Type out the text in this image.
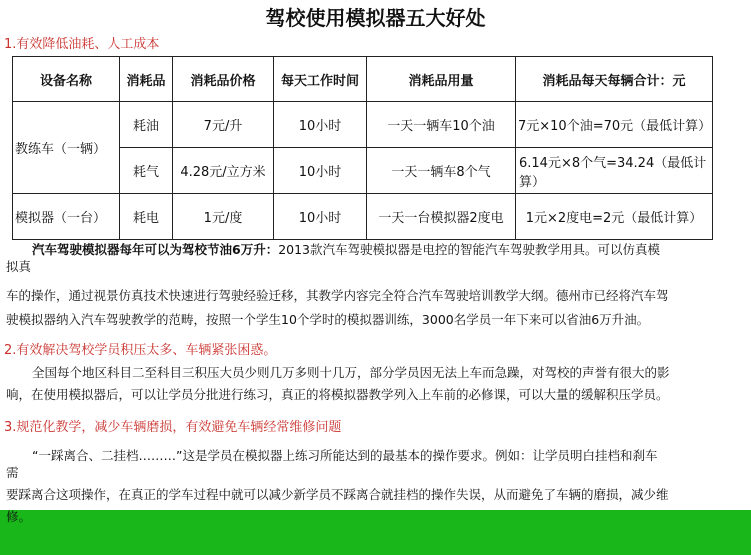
驾校使用模拟器五大好处
1.有效降低油耗、人工成本
设备名称	消耗品	消耗品价格	每天工作时间	消耗品用量	消耗品每天每辆合计：元
教练车（一辆）	耗油	7元/升	10小时	一天一辆车10个油	7元×10个油=70元（最低计算）
	耗气	4.28元/立方米	10小时	一天一辆车8个气	6.14元×8个气=34.24（最低计算）
模拟器（一台）	耗电	1元/度	10小时	一天一台模拟器2度电	1元×2度电=2元（最低计算）
汽车驾驶模拟器每年可以为驾校节油6万升：2013款汽车驾驶模拟器是电控的智能汽车驾驶教学用具。可以仿真模
拟真
车的操作，通过视景仿真技术快速进行驾驶经验迁移，其教学内容完全符合汽车驾驶培训教学大纲。德州市已经将汽车驾
驶模拟器纳入汽车驾驶教学的范畴，按照一个学生10个学时的模拟器训练，3000名学员一年下来可以省油6万升油。
2.有效解决驾校学员积压太多、车辆紧张困惑。
全国每个地区科目二至科目三积压大员少则几万多则十几万，部分学员因无法上车而急躁，对驾校的声誉有很大的影
响，在使用模拟器后，可以让学员分批进行练习，真正的将模拟器教学列入上车前的必修课，可以大量的缓解积压学员。
3.规范化教学，减少车辆磨损，有效避免车辆经常维修问题
“一踩离合、二挂档………”这是学员在模拟器上练习所能达到的最基本的操作要求。例如：让学员明白挂档和刹车
需
要踩离合这项操作，在真正的学车过程中就可以减少新学员不踩离合就挂档的操作失误，从而避免了车辆的磨损，减少维
修。
